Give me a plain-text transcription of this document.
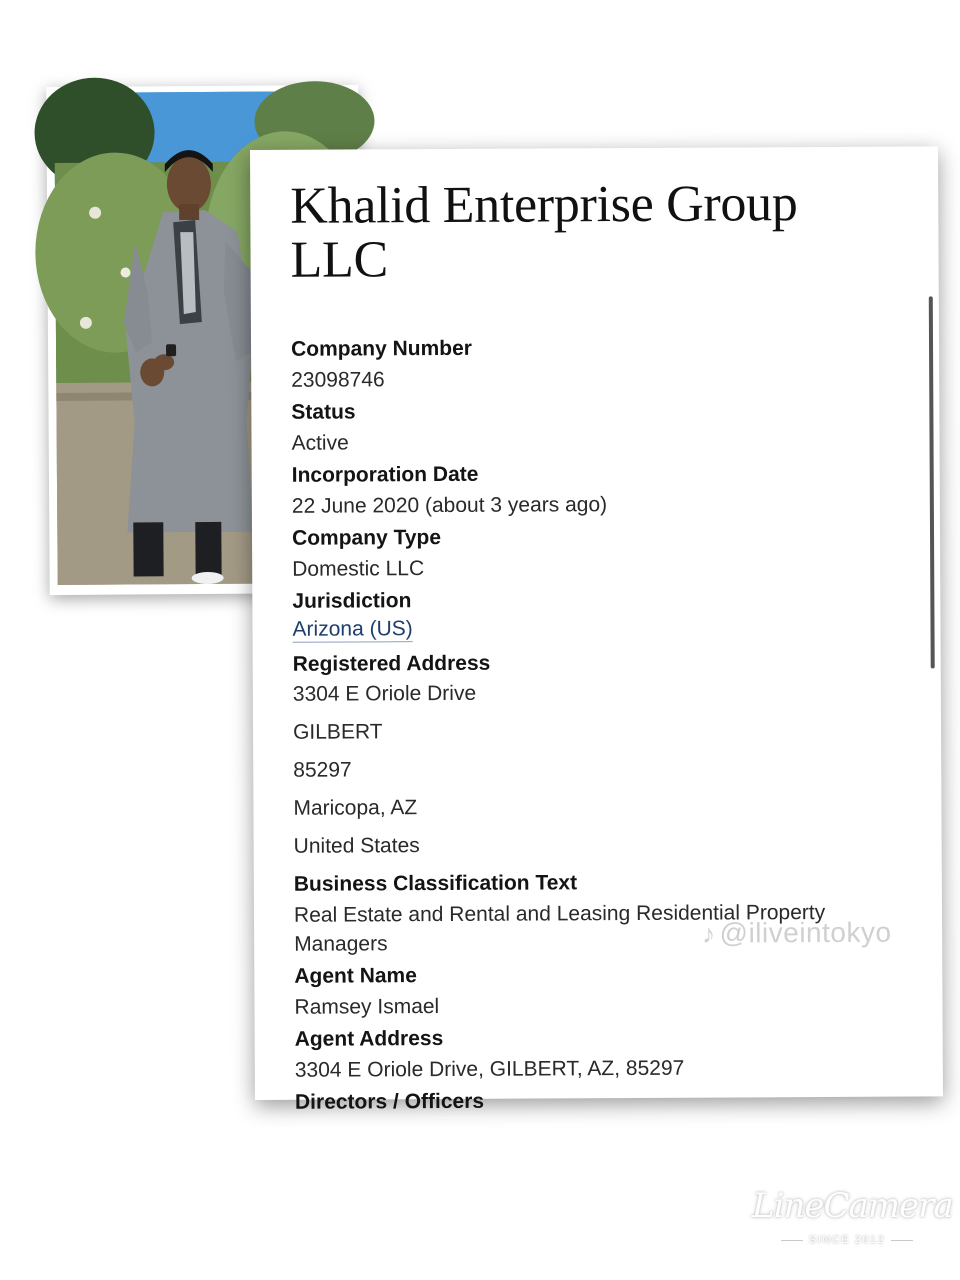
Khalid Enterprise Group LLC

Company Number

23098746

Status

Active

Incorporation Date

22 June 2020 (about 3 years ago)

Company Type

Domestic LLC

Jurisdiction

Arizona (US)

Registered Address

3304 E Oriole Drive

GILBERT

85297

Maricopa, AZ

United States

Business Classification Text

Real Estate and Rental and Leasing Residential Property Managers

Agent Name

Ramsey Ismael

Agent Address

3304 E Oriole Drive, GILBERT, AZ, 85297

Directors / Officers
♪ @iliveintokyo
LineCamera
SINCE 2012
